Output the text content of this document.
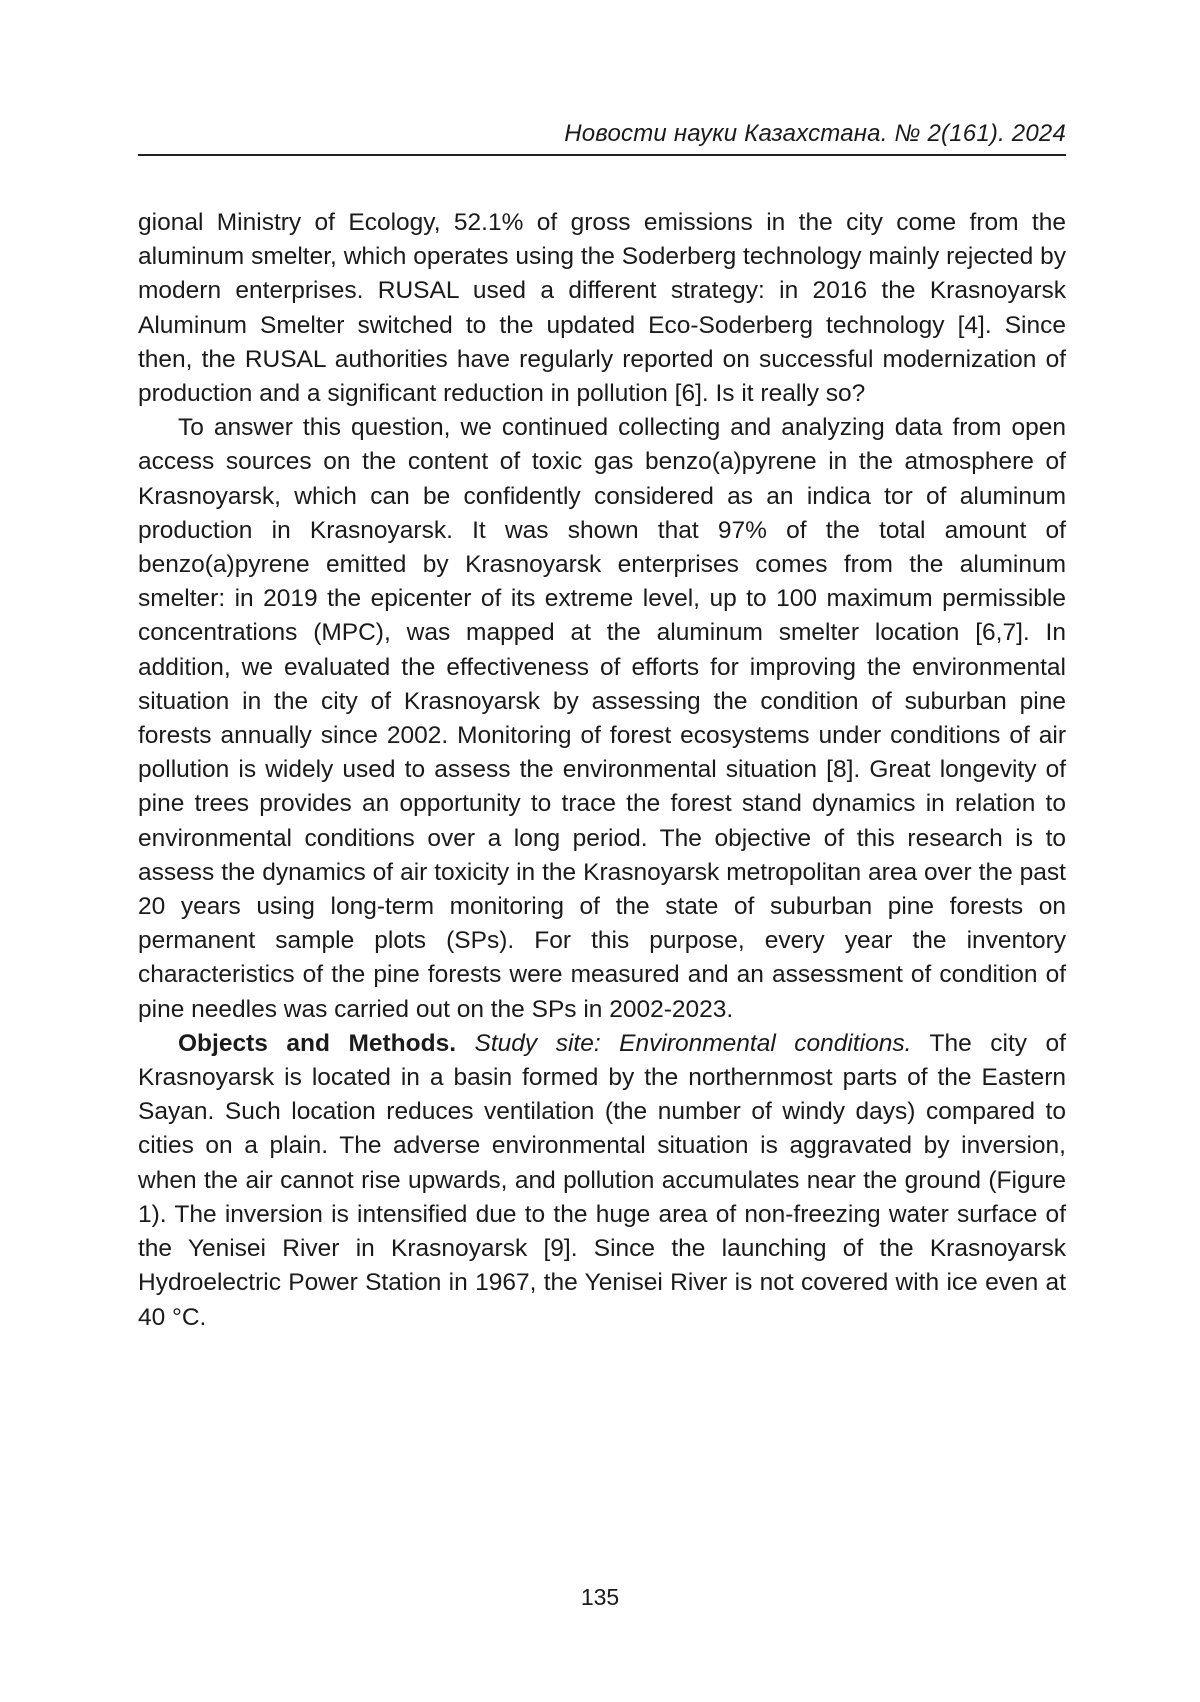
Новости науки Казахстана. № 2(161). 2024

gional Ministry of Ecology, 52.1% of gross emissions in the city come from the aluminum smelter, which operates using the Soderberg technology mainly rejected by modern enterprises. RUSAL used a different strategy: in 2016 the Krasnoyarsk Aluminum Smelter switched to the updated Eco-Soderberg technology [4]. Since then, the RUSAL authorities have regularly reported on successful modernization of production and a significant reduction in pollution [6]. Is it really so?

To answer this question, we continued collecting and analyzing data from open access sources on the content of toxic gas benzo(a)pyrene in the atmosphere of Krasnoyarsk, which can be confidently considered as an indica tor of aluminum production in Krasnoyarsk. It was shown that 97% of the total amount of benzo(a)pyrene emitted by Krasnoyarsk enterprises comes from the aluminum smelter: in 2019 the epicenter of its extreme level, up to 100 maximum permissible concentrations (MPC), was mapped at the aluminum smelter location [6,7]. In addition, we evaluated the effectiveness of efforts for improving the environmental situation in the city of Krasnoyarsk by assessing the condition of suburban pine forests annually since 2002. Monitoring of forest ecosystems under conditions of air pollution is widely used to assess the environmental situation [8]. Great longevity of pine trees provides an opportunity to trace the forest stand dynamics in relation to environmental conditions over a long period. The objective of this research is to assess the dynamics of air toxicity in the Krasnoyarsk metropolitan area over the past 20 years using long-term monitoring of the state of suburban pine forests on permanent sample plots (SPs). For this purpose, every year the inventory characteristics of the pine forests were measured and an assessment of condition of pine needles was carried out on the SPs in 2002-2023.

Objects and Methods. Study site: Environmental conditions. The city of Krasnoyarsk is located in a basin formed by the northernmost parts of the Eastern Sayan. Such location reduces ventilation (the number of windy days) compared to cities on a plain. The adverse environmental situation is aggravated by inversion, when the air cannot rise upwards, and pollution accumulates near the ground (Figure 1). The inversion is intensified due to the huge area of non-freezing water surface of the Yenisei River in Krasnoyarsk [9]. Since the launching of the Krasnoyarsk Hydroelectric Power Station in 1967, the Yenisei River is not covered with ice even at 40 °C.

135
